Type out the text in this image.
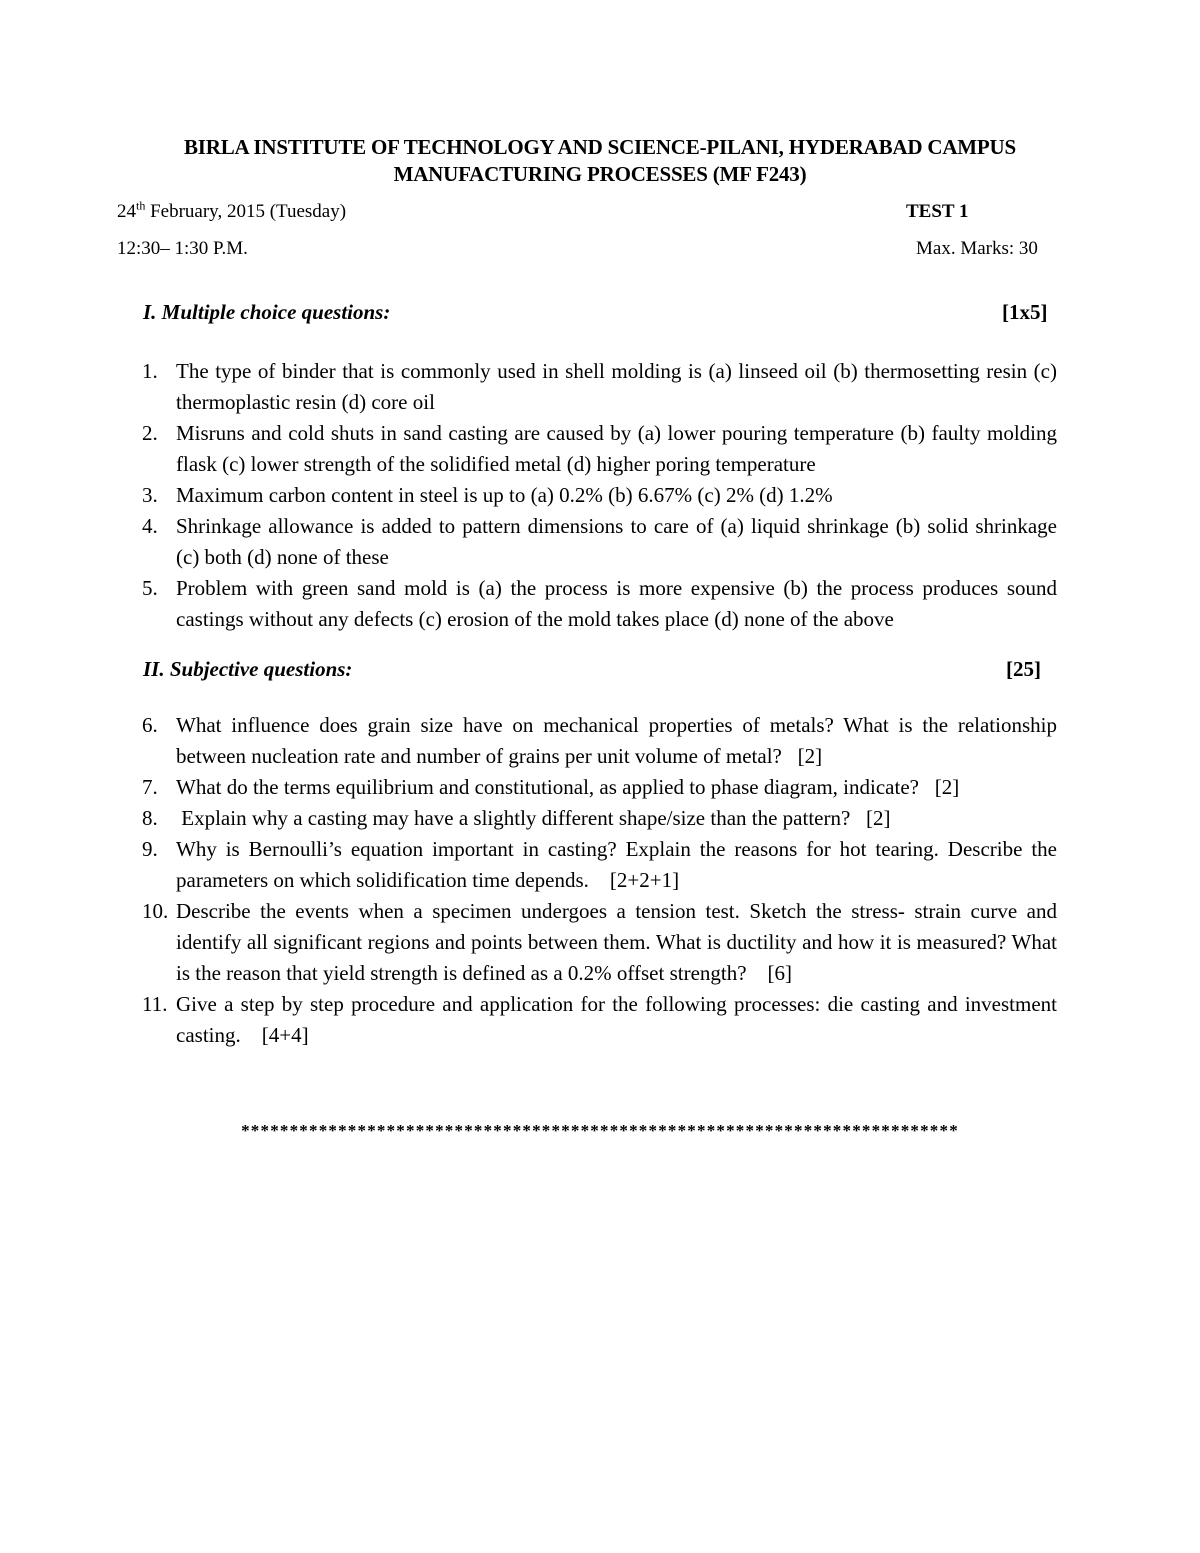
BIRLA INSTITUTE OF TECHNOLOGY AND SCIENCE-PILANI, HYDERABAD CAMPUS
MANUFACTURING PROCESSES (MF F243)
24th February, 2015 (Tuesday)	TEST 1
12:30– 1:30 P.M.	Max. Marks: 30
I. Multiple choice questions:	[1x5]
1. The type of binder that is commonly used in shell molding is (a) linseed oil (b) thermosetting resin (c) thermoplastic resin (d) core oil
2. Misruns and cold shuts in sand casting are caused by (a) lower pouring temperature (b) faulty molding flask (c) lower strength of the solidified metal (d) higher poring temperature
3. Maximum carbon content in steel is up to (a) 0.2% (b) 6.67% (c) 2% (d) 1.2%
4. Shrinkage allowance is added to pattern dimensions to care of (a) liquid shrinkage (b) solid shrinkage (c) both (d) none of these
5. Problem with green sand mold is (a) the process is more expensive (b) the process produces sound castings without any defects (c) erosion of the mold takes place (d) none of the above
II. Subjective questions:	[25]
6. What influence does grain size have on mechanical properties of metals? What is the relationship between nucleation rate and number of grains per unit volume of metal?   [2]
7. What do the terms equilibrium and constitutional, as applied to phase diagram, indicate?   [2]
8. Explain why a casting may have a slightly different shape/size than the pattern?   [2]
9. Why is Bernoulli’s equation important in casting? Explain the reasons for hot tearing. Describe the parameters on which solidification time depends.    [2+2+1]
10. Describe the events when a specimen undergoes a tension test. Sketch the stress- strain curve and identify all significant regions and points between them. What is ductility and how it is measured? What is the reason that yield strength is defined as a 0.2% offset strength?    [6]
11. Give a step by step procedure and application for the following processes: die casting and investment casting.    [4+4]
**************************************************************************
